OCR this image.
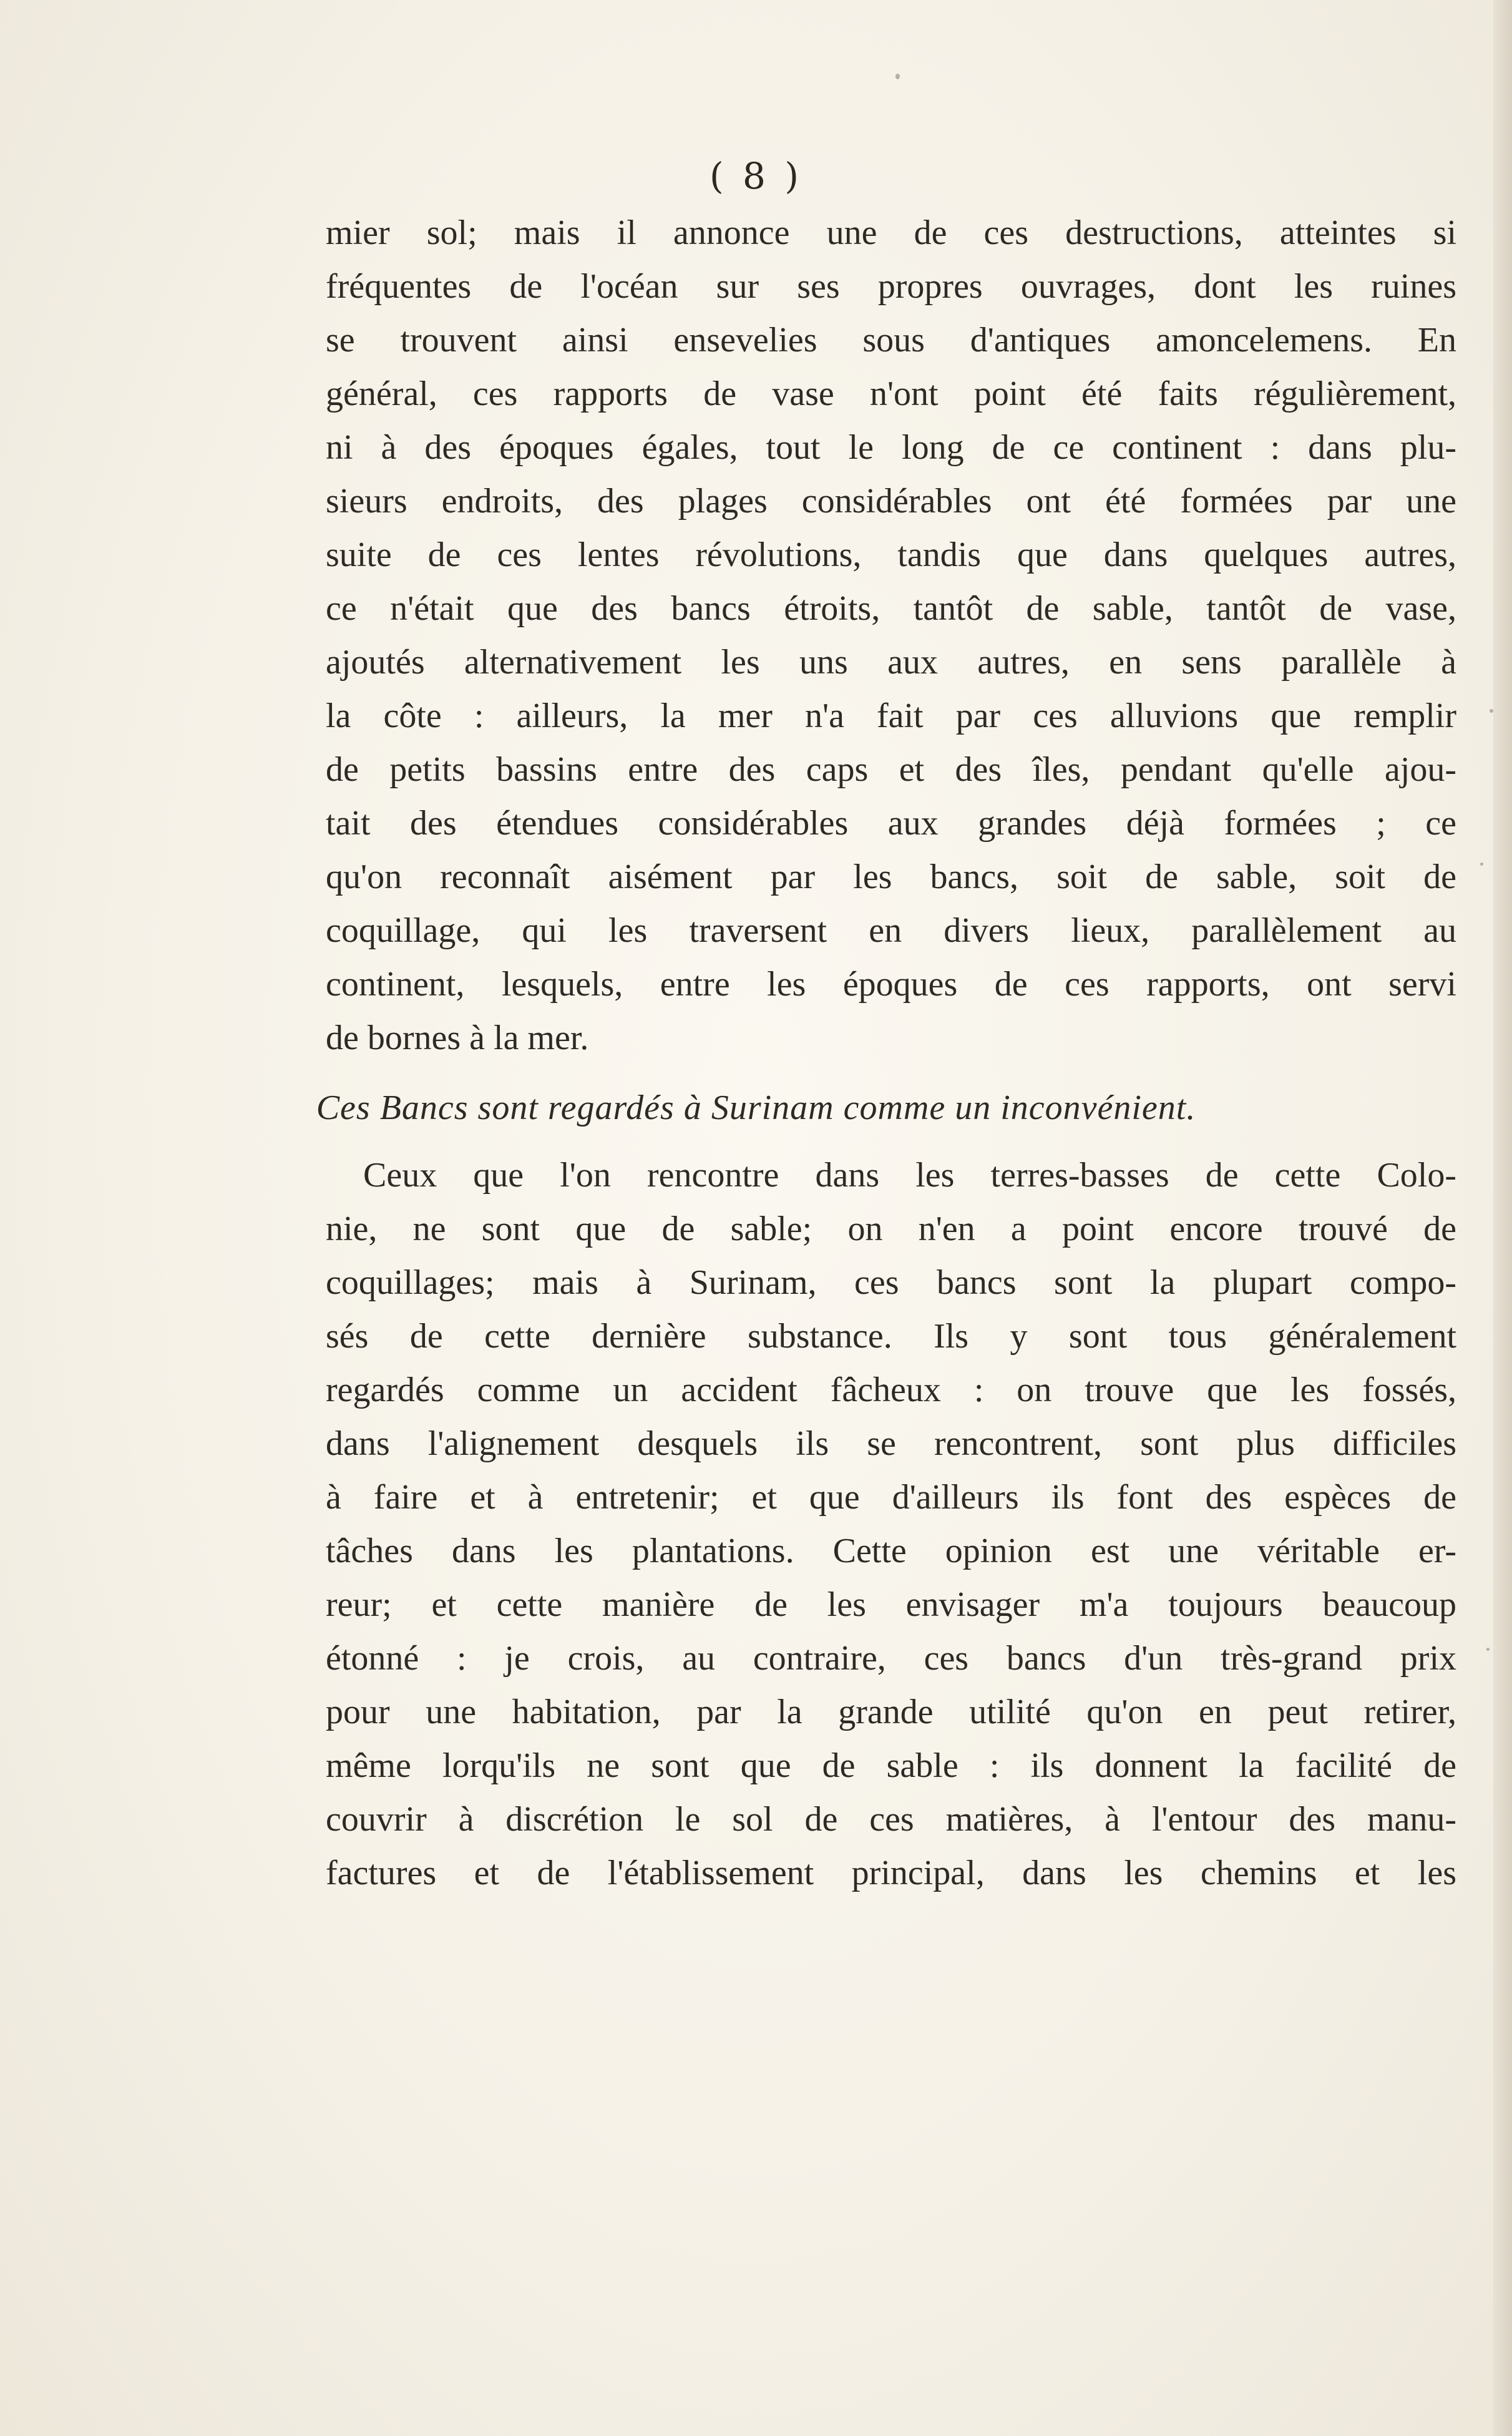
( 8 )
mier sol; mais il annonce une de ces destructions, atteintes si
fréquentes de l'océan sur ses propres ouvrages, dont les ruines
se trouvent ainsi ensevelies sous d'antiques amoncelemens. En
général, ces rapports de vase n'ont point été faits régulièrement,
ni à des époques égales, tout le long de ce continent : dans plu-
sieurs endroits, des plages considérables ont été formées par une
suite de ces lentes révolutions, tandis que dans quelques autres,
ce n'était que des bancs étroits, tantôt de sable, tantôt de vase,
ajoutés alternativement les uns aux autres, en sens parallèle à
la côte : ailleurs, la mer n'a fait par ces alluvions que remplir
de petits bassins entre des caps et des îles, pendant qu'elle ajou-
tait des étendues considérables aux grandes déjà formées ; ce
qu'on reconnaît aisément par les bancs, soit de sable, soit de
coquillage, qui les traversent en divers lieux, parallèlement au
continent, lesquels, entre les époques de ces rapports, ont servi
de bornes à la mer.
Ces Bancs sont regardés à Surinam comme un inconvénient.
Ceux que l'on rencontre dans les terres-basses de cette Colo-
nie, ne sont que de sable; on n'en a point encore trouvé de
coquillages; mais à Surinam, ces bancs sont la plupart compo-
sés de cette dernière substance. Ils y sont tous généralement
regardés comme un accident fâcheux : on trouve que les fossés,
dans l'alignement desquels ils se rencontrent, sont plus difficiles
à faire et à entretenir; et que d'ailleurs ils font des espèces de
tâches dans les plantations. Cette opinion est une véritable er-
reur; et cette manière de les envisager m'a toujours beaucoup
étonné : je crois, au contraire, ces bancs d'un très-grand prix
pour une habitation, par la grande utilité qu'on en peut retirer,
même lorqu'ils ne sont que de sable : ils donnent la facilité de
couvrir à discrétion le sol de ces matières, à l'entour des manu-
factures et de l'établissement principal, dans les chemins et les
